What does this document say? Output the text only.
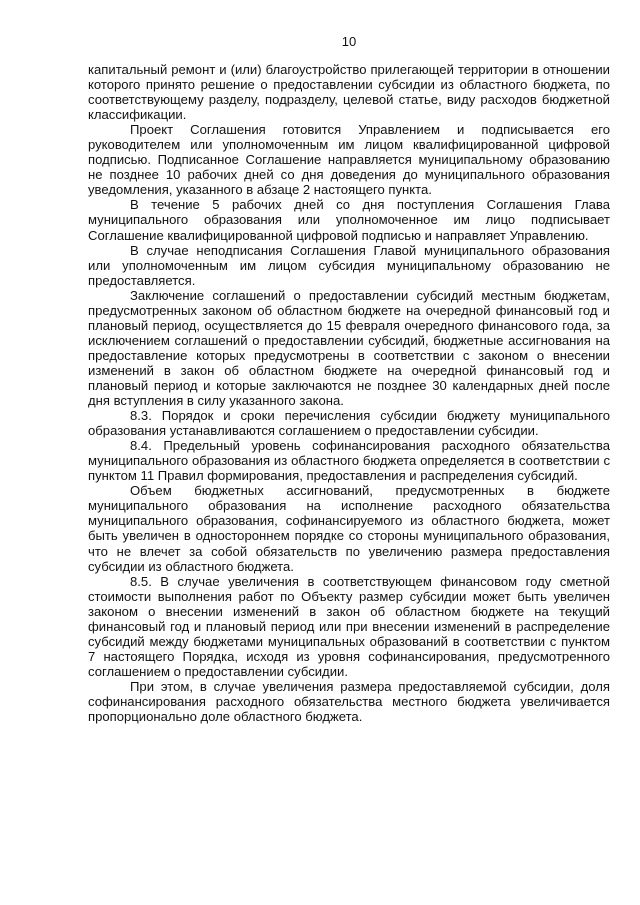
10

капитальный ремонт и (или) благоустройство прилегающей территории в отношении которого принято решение о предоставлении субсидии из областного бюджета, по соответствующему разделу, подразделу, целевой статье, виду расходов бюджетной классификации.

Проект Соглашения готовится Управлением и подписывается его руководителем или уполномоченным им лицом квалифицированной цифровой подписью. Подписанное Соглашение направляется муниципальному образованию не позднее 10 рабочих дней со дня доведения до муниципального образования уведомления, указанного в абзаце 2 настоящего пункта.

В течение 5 рабочих дней со дня поступления Соглашения Глава муниципального образования или уполномоченное им лицо подписывает Соглашение квалифицированной цифровой подписью и направляет Управлению.

В случае неподписания Соглашения Главой муниципального образования или уполномоченным им лицом субсидия муниципальному образованию не предоставляется.

Заключение соглашений о предоставлении субсидий местным бюджетам, предусмотренных законом об областном бюджете на очередной финансовый год и плановый период, осуществляется до 15 февраля очередного финансового года, за исключением соглашений о предоставлении субсидий, бюджетные ассигнования на предоставление которых предусмотрены в соответствии с законом о внесении изменений в закон об областном бюджете на очередной финансовый год и плановый период и которые заключаются не позднее 30 календарных дней после дня вступления в силу указанного закона.

8.3. Порядок и сроки перечисления субсидии бюджету муниципального образования устанавливаются соглашением о предоставлении субсидии.

8.4. Предельный уровень софинансирования расходного обязательства муниципального образования из областного бюджета определяется в соответствии с пунктом 11 Правил формирования, предоставления и распределения субсидий.

Объем бюджетных ассигнований, предусмотренных в бюджете муниципального образования на исполнение расходного обязательства муниципального образования, софинансируемого из областного бюджета, может быть увеличен в одностороннем порядке со стороны муниципального образования, что не влечет за собой обязательств по увеличению размера предоставления субсидии из областного бюджета.

8.5. В случае увеличения в соответствующем финансовом году сметной стоимости выполнения работ по Объекту размер субсидии может быть увеличен законом о внесении изменений в закон об областном бюджете на текущий финансовый год и плановый период или при внесении изменений в распределение субсидий между бюджетами муниципальных образований в соответствии с пунктом 7 настоящего Порядка, исходя из уровня софинансирования, предусмотренного соглашением о предоставлении субсидии.

При этом, в случае увеличения размера предоставляемой субсидии, доля софинансирования расходного обязательства местного бюджета увеличивается пропорционально доле областного бюджета.
